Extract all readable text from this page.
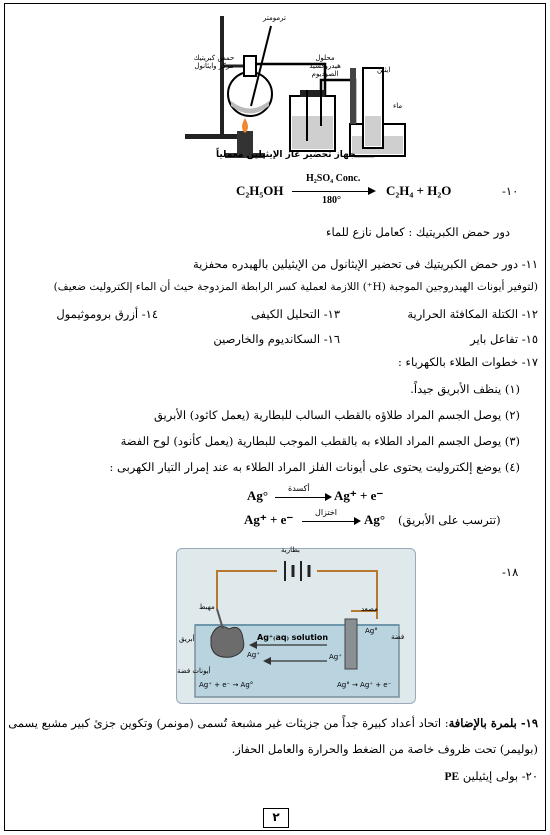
ترمومتر
حمض كبريتيك مركز وايثانول
محلول هيدروكسيد الصوديوم	ايثين
ماء
جهاز تحضير غاز الإيثيلين معملياً
-١٠
C₂H₅OH
H₂SO₄ Conc.
180°
C₂H₄ + H₂O
دور حمض الكبريتيك : كعامل نازع للماء
١١- دور حمض الكبريتيك فى تحضير الإيثانول من الإيثيلين بالهيدره محفزية
(لتوفير أيونات الهيدروجين الموجبة (H⁺) اللازمة لعملية كسر الرابطة المزدوجة حيث أن الماء إلكتروليت ضعيف)
١٢- الكتلة المكافئة الحرارية
١٣- التحليل الكيفى
١٤- أزرق بروموثيمول
١٥- تفاعل باير
١٦- السكانديوم والخارصين
١٧- خطوات الطلاء بالكهرباء :
(١) ينظف الأبريق جيداً.
(٢) يوصل الجسم المراد طلاؤه بالقطب السالب للبطارية (يعمل كاثود) الأبريق
(٣) يوصل الجسم المراد الطلاء به بالقطب الموجب للبطارية (يعمل كأنود) لوح الفضة
(٤) يوضع إلكتروليت يحتوى على أيونات الفلز المراد الطلاء به عند إمرار التيار الكهربى :
Ag° أكسدة Ag⁺ + e⁻
Ag⁺ + e⁻	اختزال Ag° (تترسب على الأبريق)
-١٨
بطارية
مهبط	مصعد
أبريق
أيونات فضة
فضة
Ag⁺₍aq₎ solution
Ag⁺	Ag⁺
Ag°
Ag⁺ + e⁻ → Ag°	Ag° → Ag⁺ + e⁻
١٩- بلمرة بالإضافة: اتحاد أعداد كبيرة جداً من جزيئات غير مشبعة تُسمى (مونمر) وتكوين جزئ كبير مشبع يسمى
(بوليمر) تحت ظروف خاصة من الضغط والحرارة والعامل الحفاز.
٢٠- بولى إيثيلين PE
٢
